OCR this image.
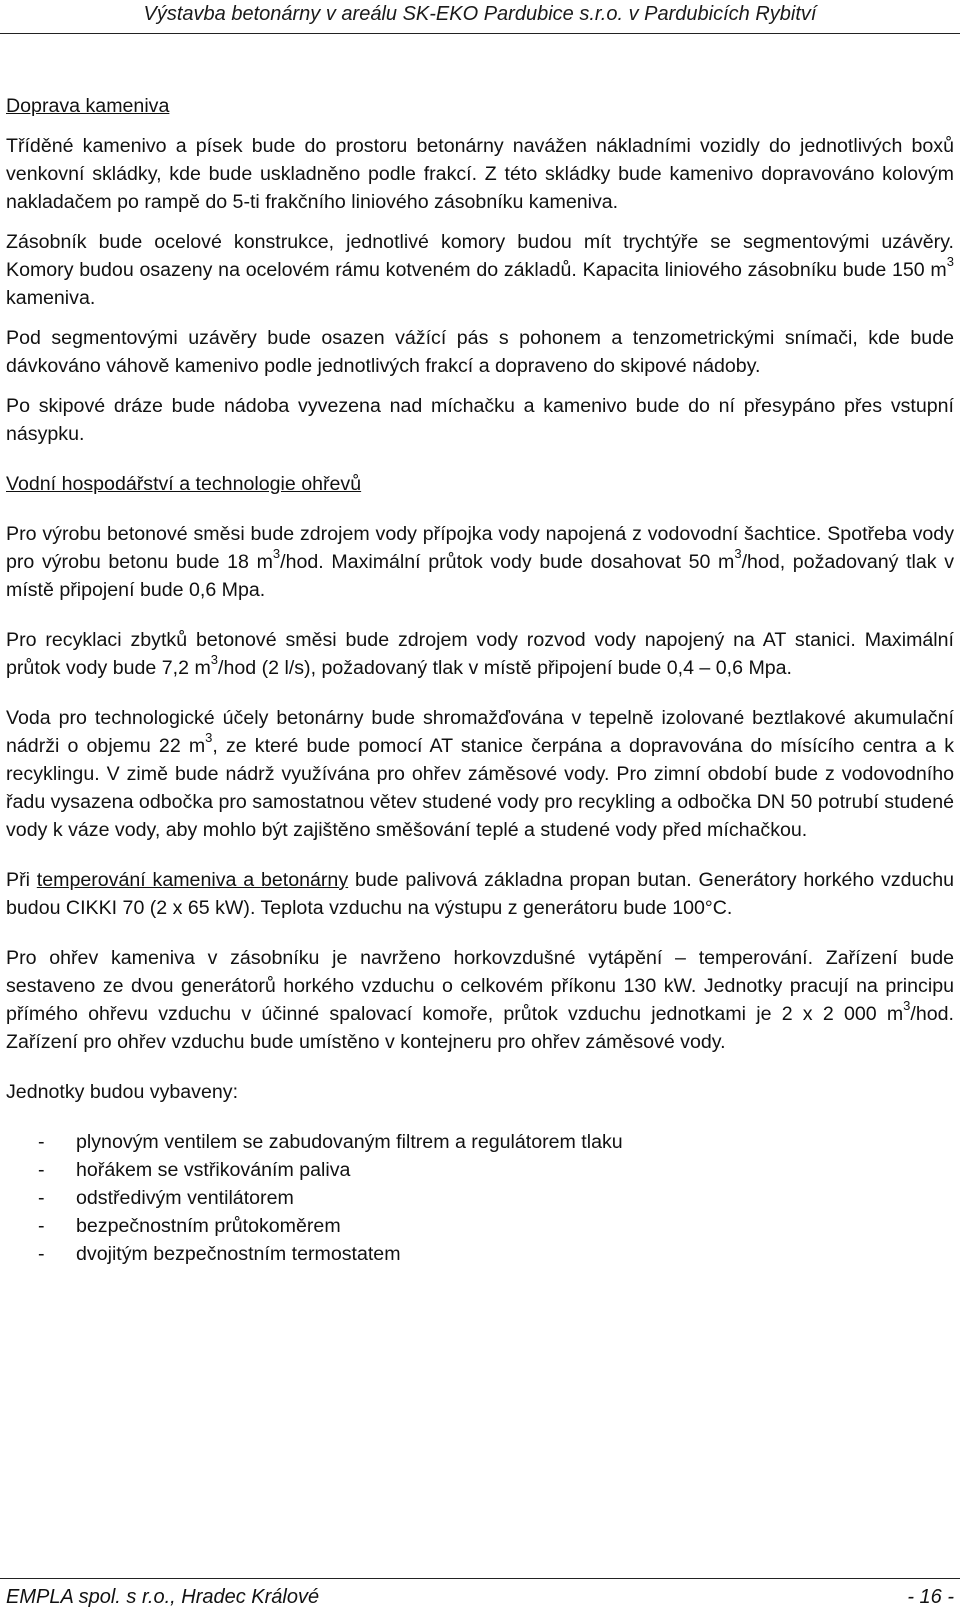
Výstavba betonárny v areálu SK-EKO Pardubice s.r.o. v Pardubicích Rybitví

Doprava kameniva

Tříděné kamenivo a písek bude do prostoru betonárny navážen nákladními vozidly do jednotlivých boxů venkovní skládky, kde bude uskladněno podle frakcí. Z této skládky bude kamenivo dopravováno kolovým nakladačem po rampě do 5-ti frakčního liniového zásobníku kameniva.

Zásobník bude ocelové konstrukce, jednotlivé komory budou mít trychtýře se segmentovými uzávěry. Komory budou osazeny na ocelovém rámu kotveném do základů. Kapacita liniového zásobníku bude 150 $m^3$ kameniva.

Pod segmentovými uzávěry bude osazen vážící pás s pohonem a tenzometrickými snímači, kde bude dávkováno váhově kamenivo podle jednotlivých frakcí a dopraveno do skipové nádoby.

Po skipové dráze bude nádoba vyvezena nad míchačku a kamenivo bude do ní přesypáno přes vstupní násypku.

Vodní hospodářství a technologie ohřevů

Pro výrobu betonové směsi bude zdrojem vody přípojka vody napojená z vodovodní šachtice. Spotřeba vody pro výrobu betonu bude 18 $m^3$/hod. Maximální průtok vody bude dosahovat 50 $m^3$/hod, požadovaný tlak v místě připojení bude 0,6 Mpa.

Pro recyklaci zbytků betonové směsi bude zdrojem vody rozvod vody napojený na AT stanici. Maximální průtok vody bude 7,2 $m^3$/hod (2 l/s), požadovaný tlak v místě připojení bude 0,4 – 0,6 Mpa.

Voda pro technologické účely betonárny bude shromažďována v tepelně izolované beztlakové akumulační nádrži o objemu 22 $m^3$, ze které bude pomocí AT stanice čerpána a dopravována do mísícího centra a k recyklingu. V zimě bude nádrž využívána pro ohřev záměsové vody. Pro zimní období bude z vodovodního řadu vysazena odbočka pro samostatnou větev studené vody pro recykling a odbočka DN 50 potrubí studené vody k váze vody, aby mohlo být zajištěno směšování teplé a studené vody před míchačkou.

Při temperování kameniva a betonárny bude palivová základna propan butan. Generátory horkého vzduchu budou CIKKI 70 (2 x 65 kW). Teplota vzduchu na výstupu z generátoru bude 100°C.

Pro ohřev kameniva v zásobníku je navrženo horkovzdušné vytápění – temperování. Zařízení bude sestaveno ze dvou generátorů horkého vzduchu o celkovém příkonu 130 kW. Jednotky pracují na principu přímého ohřevu vzduchu v účinné spalovací komoře, průtok vzduchu jednotkami je 2 x 2 000 $m^3$/hod. Zařízení pro ohřev vzduchu bude umístěno v kontejneru pro ohřev záměsové vody.

Jednotky budou vybaveny:

-	plynovým ventilem se zabudovaným filtrem a regulátorem tlaku
-	hořákem se vstřikováním paliva
-	odstředivým ventilátorem
-	bezpečnostním průtokoměrem
-	dvojitým bezpečnostním termostatem
EMPLA spol. s r.o., Hradec Králové	- 16 -
